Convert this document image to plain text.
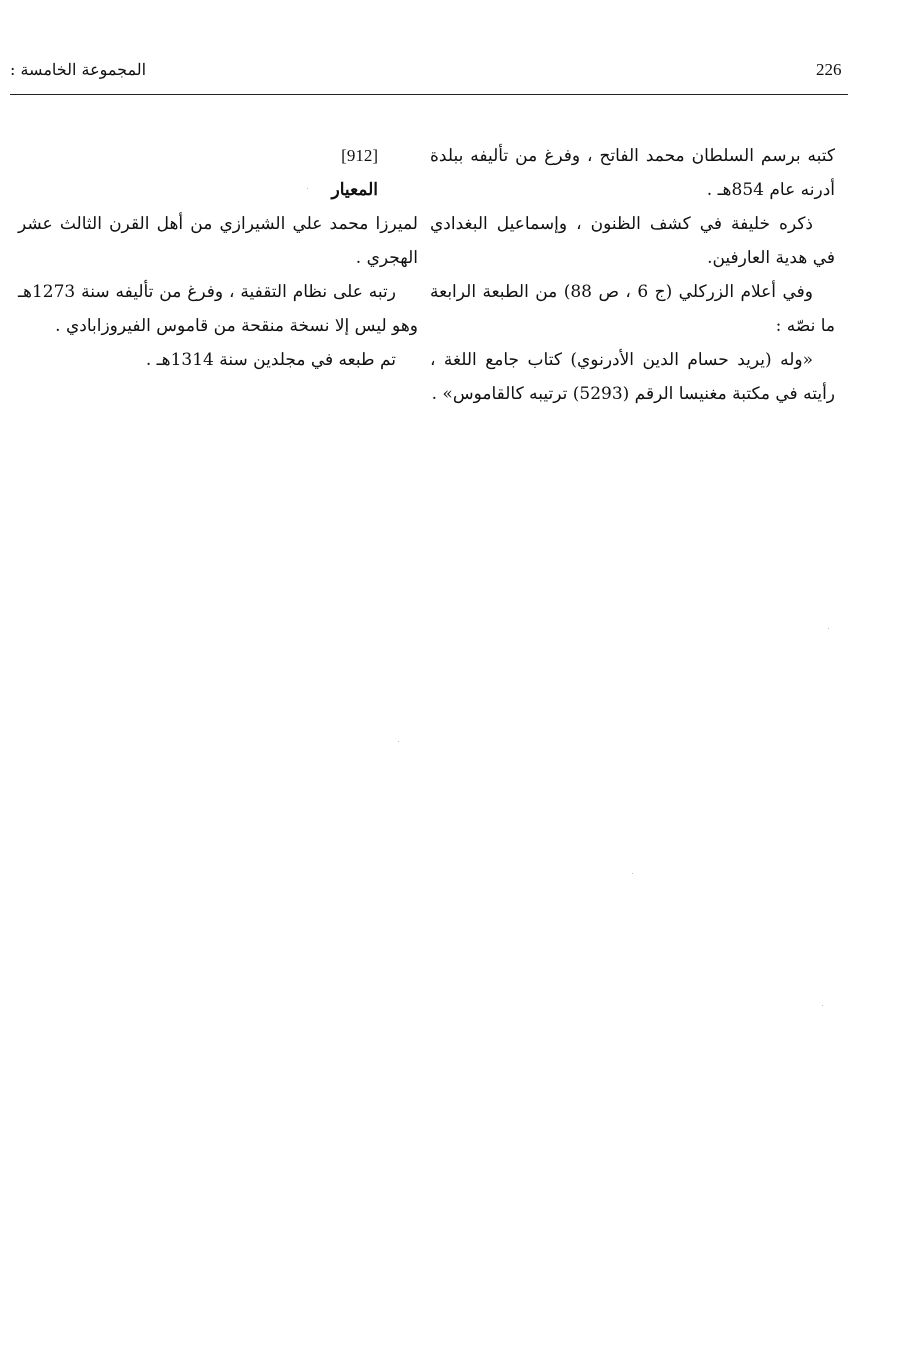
226
المجموعة الخامسة :

كتبه برسم السلطان محمد الفاتح ، وفرغ من تأليفه ببلدة أدرنه عام 854هـ .

ذكره خليفة في كشف الظنون ، وإسماعيل البغدادي في هدية العارفين.

وفي أعلام الزركلي (ج 6 ، ص 88) من الطبعة الرابعة ما نصّه :

«وله (يريد حسام الدين الأدرنوي) كتاب جامع اللغة ، رأيته في مكتبة مغنيسا الرقم (5293) ترتيبه كالقاموس» .

[912]

المعيار

لميرزا محمد علي الشيرازي من أهل القرن الثالث عشر الهجري .

رتبه على نظام التقفية ، وفرغ من تأليفه سنة 1273هـ وهو ليس إلا نسخة منقحة من قاموس الفيروزابادي .

تم طبعه في مجلدين سنة 1314هـ .
